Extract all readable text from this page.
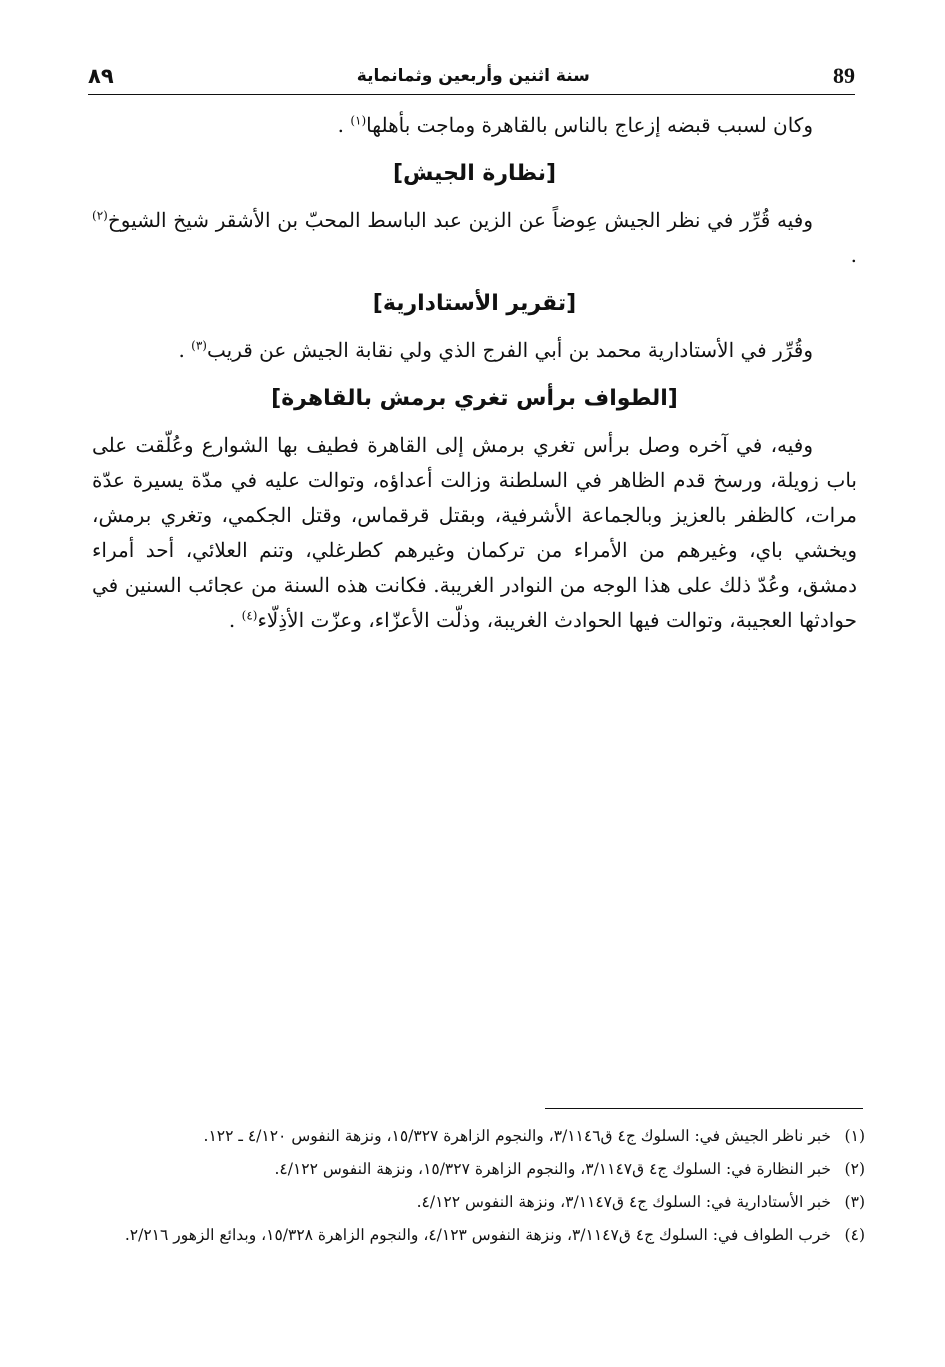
٨٩	سنة اثنين وأربعين وثمانماية	89

وكان لسبب قبضه إزعاج بالناس بالقاهرة وماجت بأهلها$^{(١)}$ .

[نظارة الجيش]

وفيه قُرِّر في نظر الجيش عِوضاً عن الزين عبد الباسط المحبّ بن الأشقر شيخ الشيوخ$^{(٢)}$ .

[تقرير الأستادارية]

وقُرِّر في الأستادارية محمد بن أبي الفرج الذي ولي نقابة الجيش عن قريب$^{(٣)}$ .

[الطواف برأس تغري برمش بالقاهرة]

وفيه، في آخره وصل برأس تغري برمش إلى القاهرة فطيف بها الشوارع وعُلّقت على باب زويلة، ورسخ قدم الظاهر في السلطنة وزالت أعداؤه، وتوالت عليه في مدّة يسيرة عدّة مرات، كالظفر بالعزيز وبالجماعة الأشرفية، وبقتل قرقماس، وقتل الجكمي، وتغري برمش، ويخشي باي، وغيرهم من الأمراء من تركمان وغيرهم كطرغلي، وتنم العلائي، أحد أمراء دمشق، وعُدّ ذلك على هذا الوجه من النوادر الغريبة. فكانت هذه السنة من عجائب السنين في حوادثها العجيبة، وتوالت فيها الحوادث الغريبة، وذلّت الأعزّاء، وعزّت الأذِلّاء$^{(٤)}$ .

(١)
خبر ناظر الجيش في: السلوك ج٤ ق٣/١١٤٦، والنجوم الزاهرة ١٥/٣٢٧، ونزهة النفوس ٤/١٢٠ ـ ١٢٢.
(٢)
خبر النظارة في: السلوك ج٤ ق٣/١١٤٧، والنجوم الزاهرة ١٥/٣٢٧، ونزهة النفوس ٤/١٢٢.
(٣)
خبر الأستادارية في: السلوك ج٤ ق٣/١١٤٧، ونزهة النفوس ٤/١٢٢.
(٤)
خرب الطواف في: السلوك ج٤ ق٣/١١٤٧، ونزهة النفوس ٤/١٢٣، والنجوم الزاهرة ١٥/٣٢٨، وبدائع الزهور ٢/٢١٦.
